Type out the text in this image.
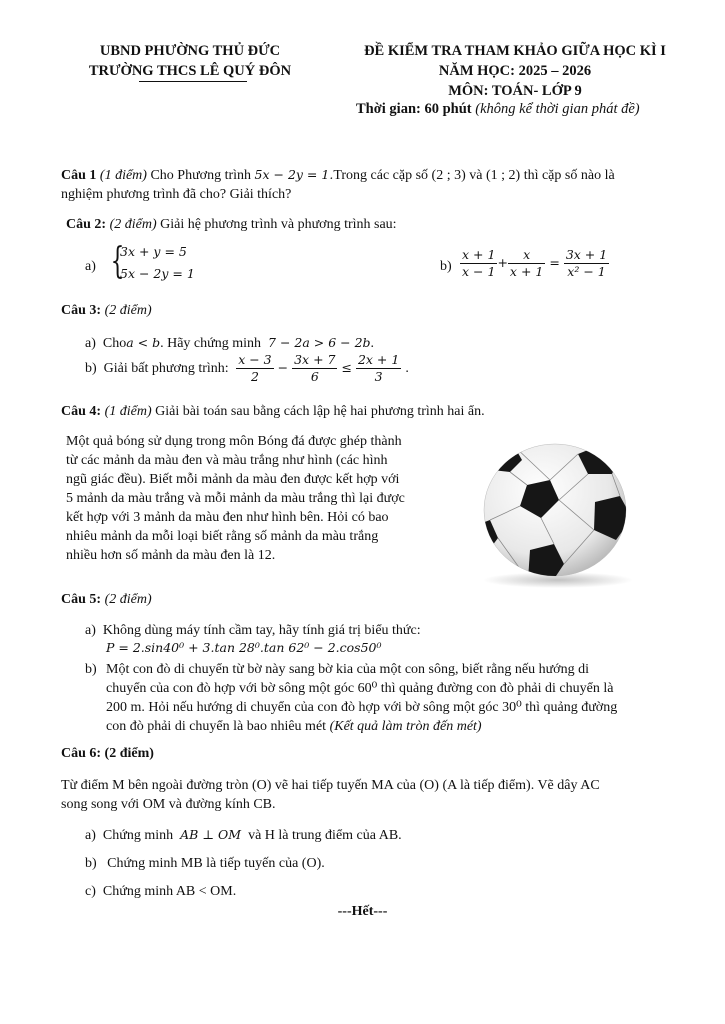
UBND PHƯỜNG THỦ ĐỨC
TRƯỜNG THCS LÊ QUÝ ĐÔN
ĐỀ KIỂM TRA THAM KHẢO GIỮA HỌC KÌ I
NĂM HỌC: 2025 – 2026
MÔN: TOÁN- LỚP 9
Thời gian: 60 phút (không kể thời gian phát đề)
Câu 1 (1 điểm) Cho Phương trình 5x − 2y = 1.Trong các cặp số (2 ; 3) và (1 ; 2) thì cặp số nào là
nghiệm phương trình đã cho? Giải thích?
Câu 2: (2 điểm) Giải hệ phương trình và phương trình sau:
a) {
3x + y = 5
5x − 2y = 1	$b) \frac{x + 1}{x - 1} + \frac{x}{x + 1} = \frac{3x + 1}{\text{x² − 1}}$
Câu 3: (2 điểm)
a) Choa < b. Hãy chứng minh 7 − 2a > 6 − 2b.
b) Giải bất phương trình: $\frac{x - 3}{2} - \frac{3x + 7}{6} \le \frac{2x + 1}{3}$ .
Câu 4: (1 điểm) Giải bài toán sau bằng cách lập hệ hai phương trình hai ẩn.
Một quả bóng sử dụng trong môn Bóng đá được ghép thành
từ các mảnh da màu đen và màu trắng như hình (các hình
ngũ giác đều). Biết mỗi mảnh da màu đen được kết hợp với
5 mảnh da màu trắng và mỗi mảnh da màu trắng thì lại được
kết hợp với 3 mảnh da màu đen như hình bên. Hỏi có bao
nhiêu mảnh da mỗi loại biết rằng số mảnh da màu trắng
nhiều hơn số mảnh da màu đen là 12.
Câu 5: (2 điểm)
a) Không dùng máy tính cầm tay, hãy tính giá trị biểu thức:
P = 2.sin40⁰ + 3.tan 28⁰.tan 62⁰ − 2.cos50⁰
b) Một con đò di chuyển từ bờ này sang bờ kia của một con sông, biết rằng nếu hướng di
chuyển của con đò hợp với bờ sông một góc 60⁰ thì quảng đường con đò phải di chuyển là
200 m. Hỏi nếu hướng di chuyển của con đò hợp với bờ sông một góc 30⁰ thì quảng đường
con đò phải di chuyển là bao nhiêu mét (Kết quả làm tròn đến mét)
Câu 6: (2 điểm)
Từ điểm M bên ngoài đường tròn (O) vẽ hai tiếp tuyến MA của (O) (A là tiếp điểm). Vẽ dây AC
song song với OM và đường kính CB.
a) Chứng minh AB ⊥ OM và H là trung điểm của AB.
b) Chứng minh MB là tiếp tuyến của (O).
c) Chứng minh AB < OM.
---Hết---
